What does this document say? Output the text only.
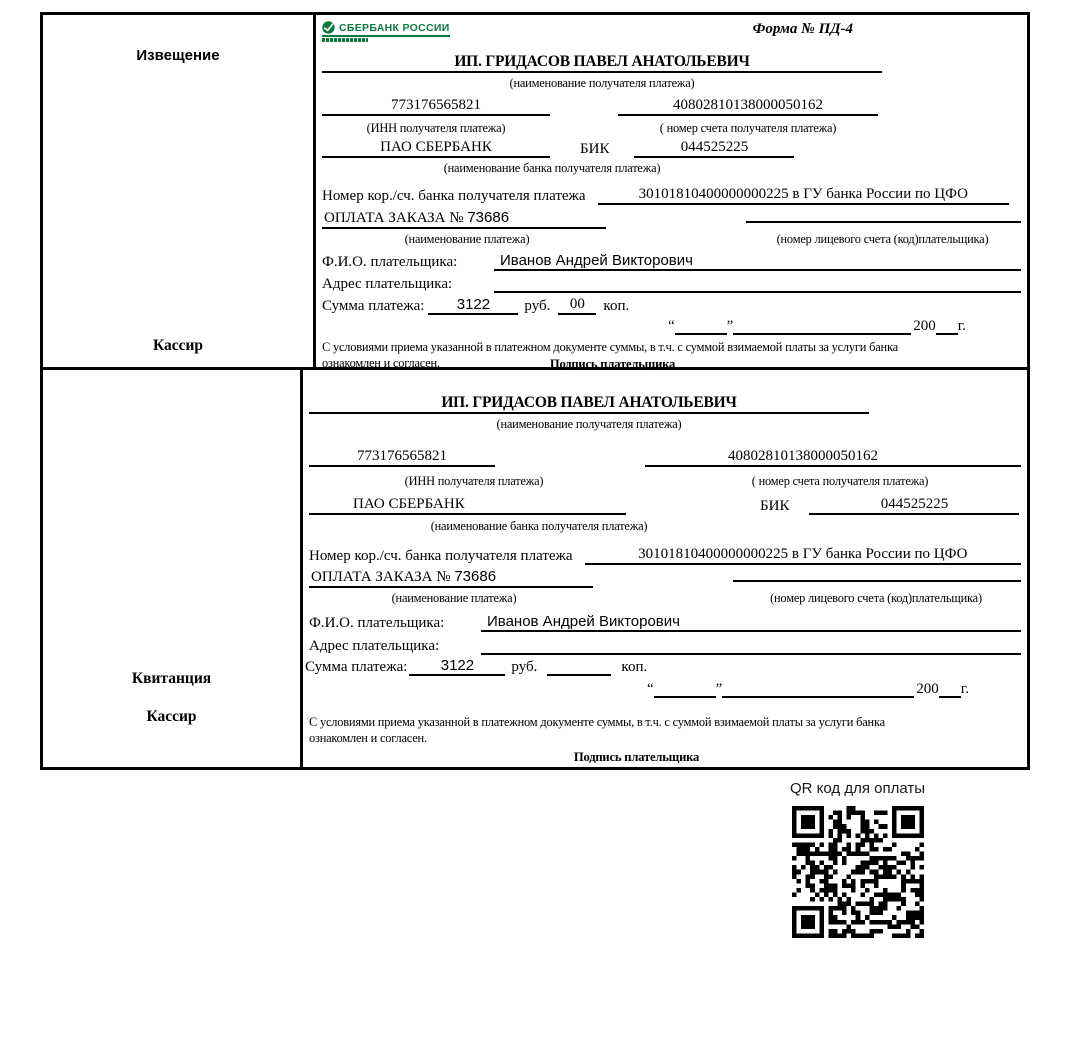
Извещение
Кассир
СБЕРБАНК РОССИИ	Форма № ПД-4
ИП. ГРИДАСОВ ПАВЕЛ АНАТОЛЬЕВИЧ
(наименование получателя платежа)
773176565821	40802810138000050162
(ИНН получателя платежа)	( номер счета получателя платежа)
ПАО СБЕРБАНК	БИК	044525225
(наименование банка получателя платежа)
Номер кор./сч. банка получателя платежа	30101810400000000225 в ГУ банка России по ЦФО
ОПЛАТА ЗАКАЗА № 73686
(наименование платежа)	(номер лицевого счета (код)плательщика)
Ф.И.О. плательщика:	Иванов Андрей Викторович
Адрес плательщика:
Сумма платежа: 3122 руб. 00 коп.
“	”	200 г.
С условиями приема указанной в платежном документе суммы, в т.ч. с суммой взимаемой платы за услуги банка
ознакомлен и согласен.	Подпись плательщика
Квитанция
Кассир
ИП. ГРИДАСОВ ПАВЕЛ АНАТОЛЬЕВИЧ
(наименование получателя платежа)
773176565821	40802810138000050162
(ИНН получателя платежа)	( номер счета получателя платежа)
ПАО СБЕРБАНК	БИК	044525225
(наименование банка получателя платежа)
Номер кор./сч. банка получателя платежа	30101810400000000225 в ГУ банка России по ЦФО
ОПЛАТА ЗАКАЗА № 73686
(наименование платежа)	(номер лицевого счета (код)плательщика)
Ф.И.О. плательщика:	Иванов Андрей Викторович
Адрес плательщика:
Сумма платежа: 3122 руб.	коп.
“	”	200 г.
С условиями приема указанной в платежном документе суммы, в т.ч. с суммой взимаемой платы за услуги банка
ознакомлен и согласен.
Подпись плательщика
QR код для оплаты
